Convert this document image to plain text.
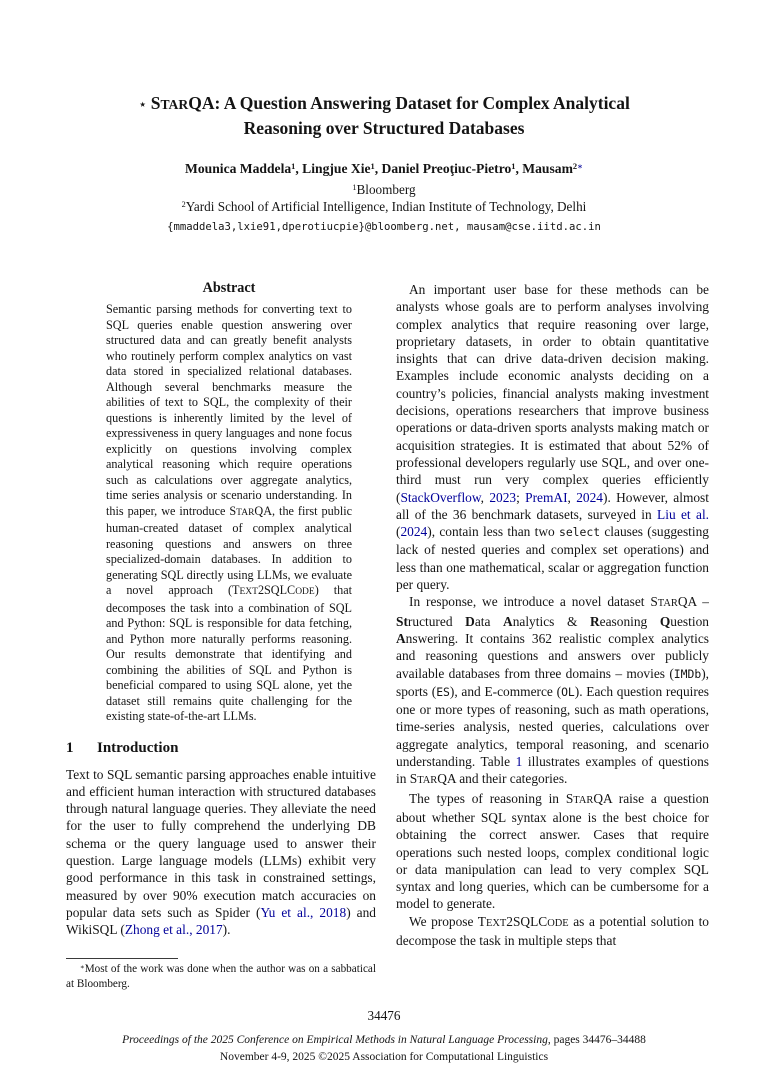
⋆ STARQA: A Question Answering Dataset for Complex Analytical
Reasoning over Structured Databases
Mounica Maddela$^1$, Lingjue Xie$^1$, Daniel Preoţiuc-Pietro$^1$, Mausam$^{2∗}$
$^1$Bloomberg
$^2$Yardi School of Artificial Intelligence, Indian Institute of Technology, Delhi
{mmaddela3,lxie91,dperotiucpie}@bloomberg.net, mausam@cse.iitd.ac.in
Abstract

Semantic parsing methods for converting text to SQL queries enable question answering over structured data and can greatly benefit analysts who routinely perform complex analytics on vast data stored in specialized relational databases. Although several benchmarks measure the abilities of text to SQL, the complexity of their questions is inherently limited by the level of expressiveness in query languages and none focus explicitly on questions involving complex analytical reasoning which require operations such as calculations over aggregate analytics, time series analysis or scenario understanding. In this paper, we introduce STARQA, the first public human-created dataset of complex analytical reasoning questions and answers on three specialized-domain databases. In addition to generating SQL directly using LLMs, we evaluate a novel approach (TEXT2SQLCODE) that decomposes the task into a combination of SQL and Python: SQL is responsible for data fetching, and Python more naturally performs reasoning. Our results demonstrate that identifying and combining the abilities of SQL and Python is beneficial compared to using SQL alone, yet the dataset still remains quite challenging for the existing state-of-the-art LLMs.

1 Introduction

Text to SQL semantic parsing approaches enable intuitive and efficient human interaction with structured databases through natural language queries. They alleviate the need for the user to fully comprehend the underlying DB schema or the query language used to answer their question. Large language models (LLMs) exhibit very good performance in this task in constrained settings, measured by over 90% execution match accuracies on popular data sets such as Spider (Yu et al., 2018) and WikiSQL (Zhong et al., 2017).

An important user base for these methods can be analysts whose goals are to perform analyses involving complex analytics that require reasoning over large, proprietary datasets, in order to obtain quantitative insights that can drive data-driven decision making. Examples include economic analysts deciding on a country’s policies, financial analysts making investment decisions, operations researchers that improve business operations or data-driven sports analysts making match or acquisition strategies. It is estimated that about 52% of professional developers regularly use SQL, and over one-third must run very complex queries efficiently (StackOverflow, 2023; PremAI, 2024). However, almost all of the 36 benchmark datasets, surveyed in Liu et al. (2024), contain less than two select clauses (suggesting lack of nested queries and complex set operations) and less than one mathematical, scalar or aggregation function per query.

In response, we introduce a novel dataset STARQA – Structured Data Analytics & Reasoning Question Answering. It contains 362 realistic complex analytics and reasoning questions and answers over publicly available databases from three domains – movies (IMDb), sports (ES), and E-commerce (OL). Each question requires one or more types of reasoning, such as math operations, time-series analysis, nested queries, calculations over aggregate analytics, temporal reasoning, and scenario understanding. Table 1 illustrates examples of questions in STARQA and their categories.

The types of reasoning in STARQA raise a question about whether SQL syntax alone is the best choice for obtaining the correct answer. Cases that require operations such nested loops, complex conditional logic or data manipulation can lead to very complex SQL syntax and long queries, which can be cumbersome for a model to generate.

We propose TEXT2SQLCODE as a potential solution to decompose the task in multiple steps that

∗Most of the work was done when the author was on a sabbatical at Bloomberg.

34476
Proceedings of the 2025 Conference on Empirical Methods in Natural Language Processing, pages 34476–34488
November 4-9, 2025 ©2025 Association for Computational Linguistics
